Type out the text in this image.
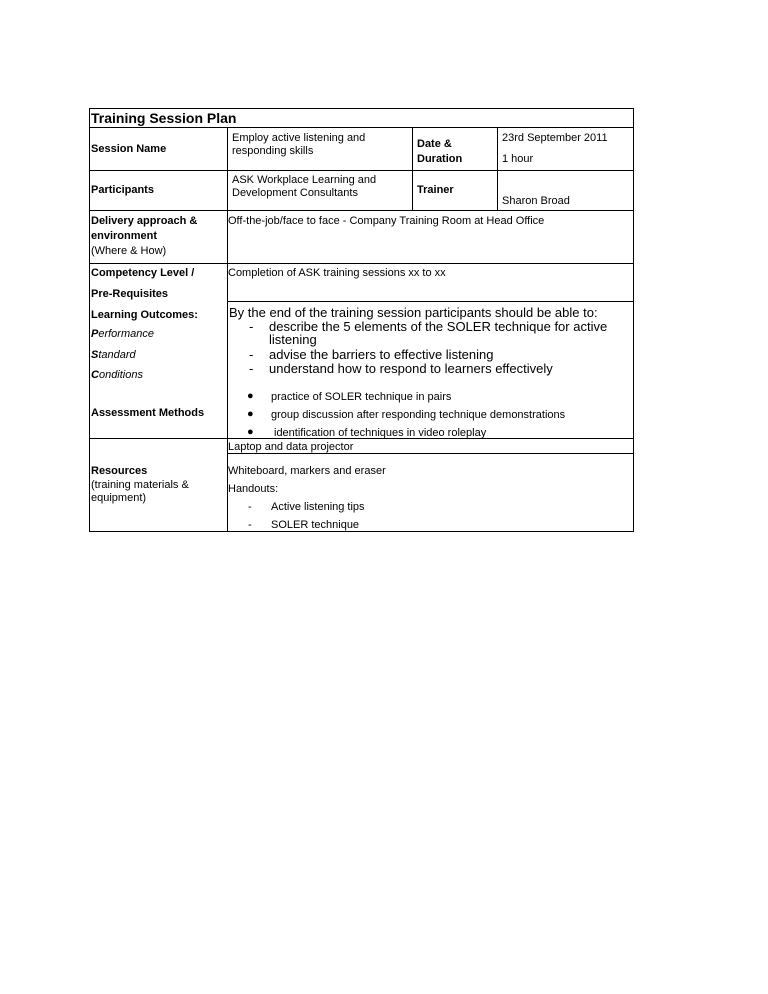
Training Session Plan
Session Name
Employ active listening and
responding skills
Date &
Duration
23rd September 2011
1 hour
Participants
ASK Workplace Learning and
Development Consultants	Trainer
Sharon Broad
Delivery approach &
environment
(Where & How)
Off-the-job/face to face - Company Training Room at Head Office
Competency Level /	Completion of ASK training sessions xx to xx
Pre-Requisites
Learning Outcomes:
Performance
Standard
Conditions
By the end of the training session participants should be able to:
- describe the 5 elements of the SOLER technique for active
listening
- advise the barriers to effective listening
- understand how to respond to learners effectively
Assessment Methods
● practice of SOLER technique in pairs
● group discussion after responding technique demonstrations
● identification of techniques in video roleplay
Laptop and data projector
Resources
(training materials &
equipment)
Whiteboard, markers and eraser
Handouts:
- Active listening tips
- SOLER technique
